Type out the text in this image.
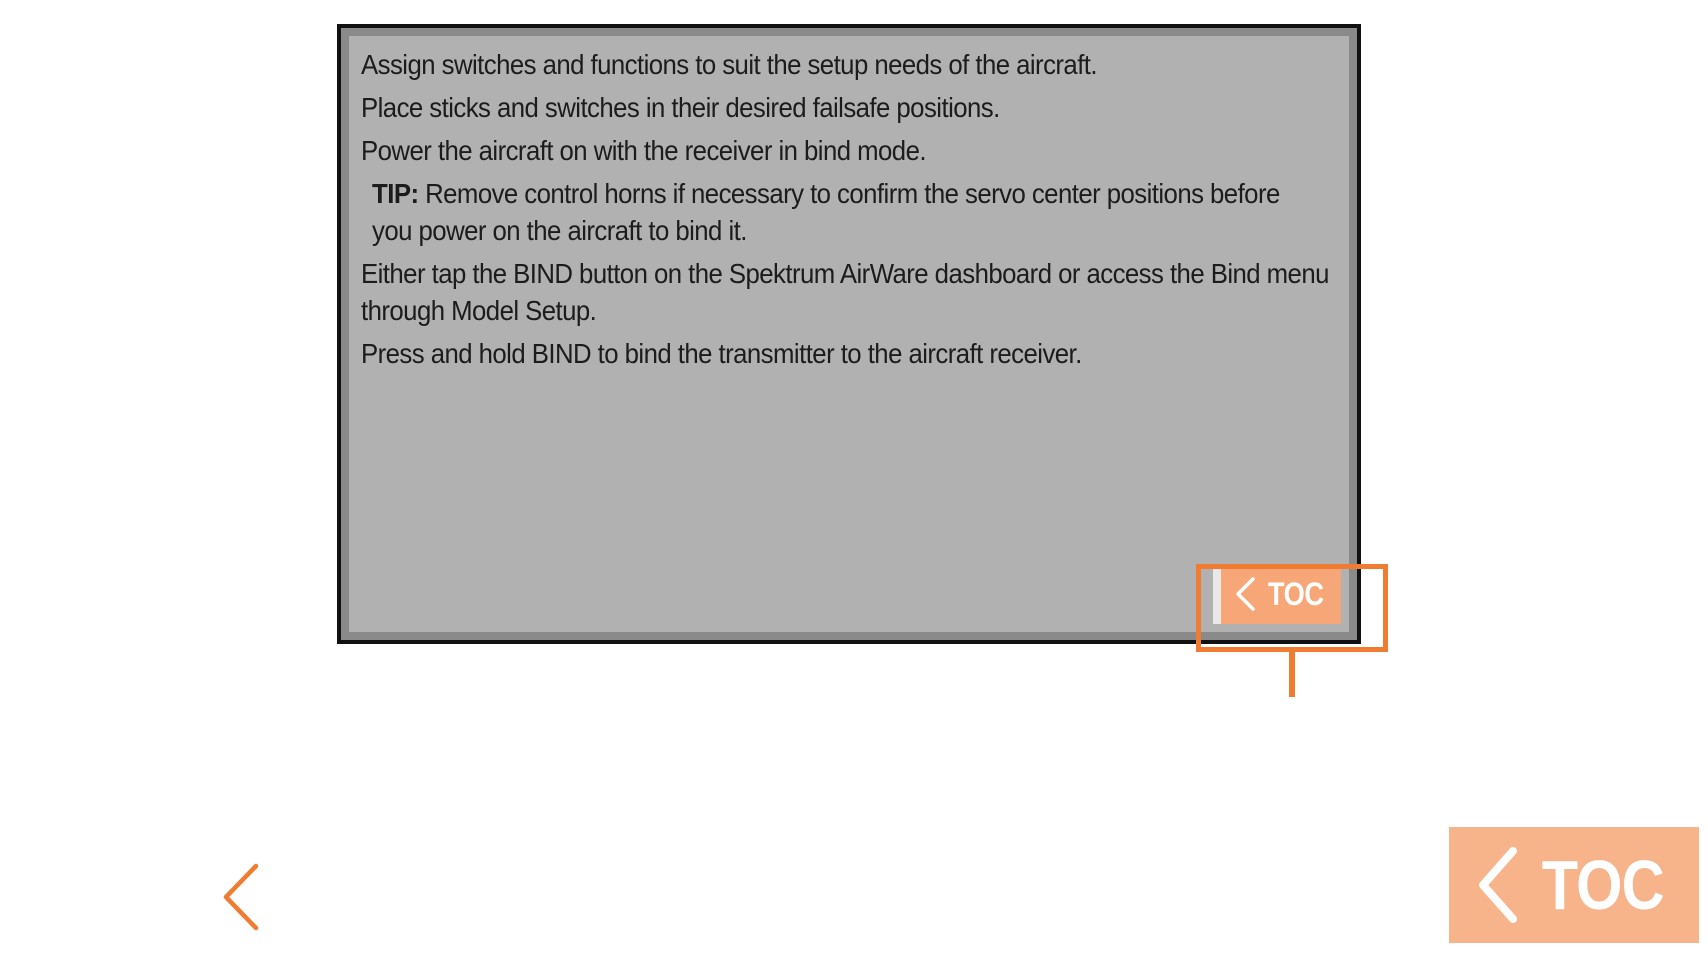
Assign switches and functions to suit the setup needs of the aircraft.
Place sticks and switches in their desired failsafe positions.
Power the aircraft on with the receiver in bind mode.
TIP: Remove control horns if necessary to confirm the servo center positions before you power on the aircraft to bind it.
Either tap the BIND button on the Spektrum AirWare dashboard or access the Bind menu through Model Setup.
Press and hold BIND to bind the transmitter to the aircraft receiver.
TOC
TOC
